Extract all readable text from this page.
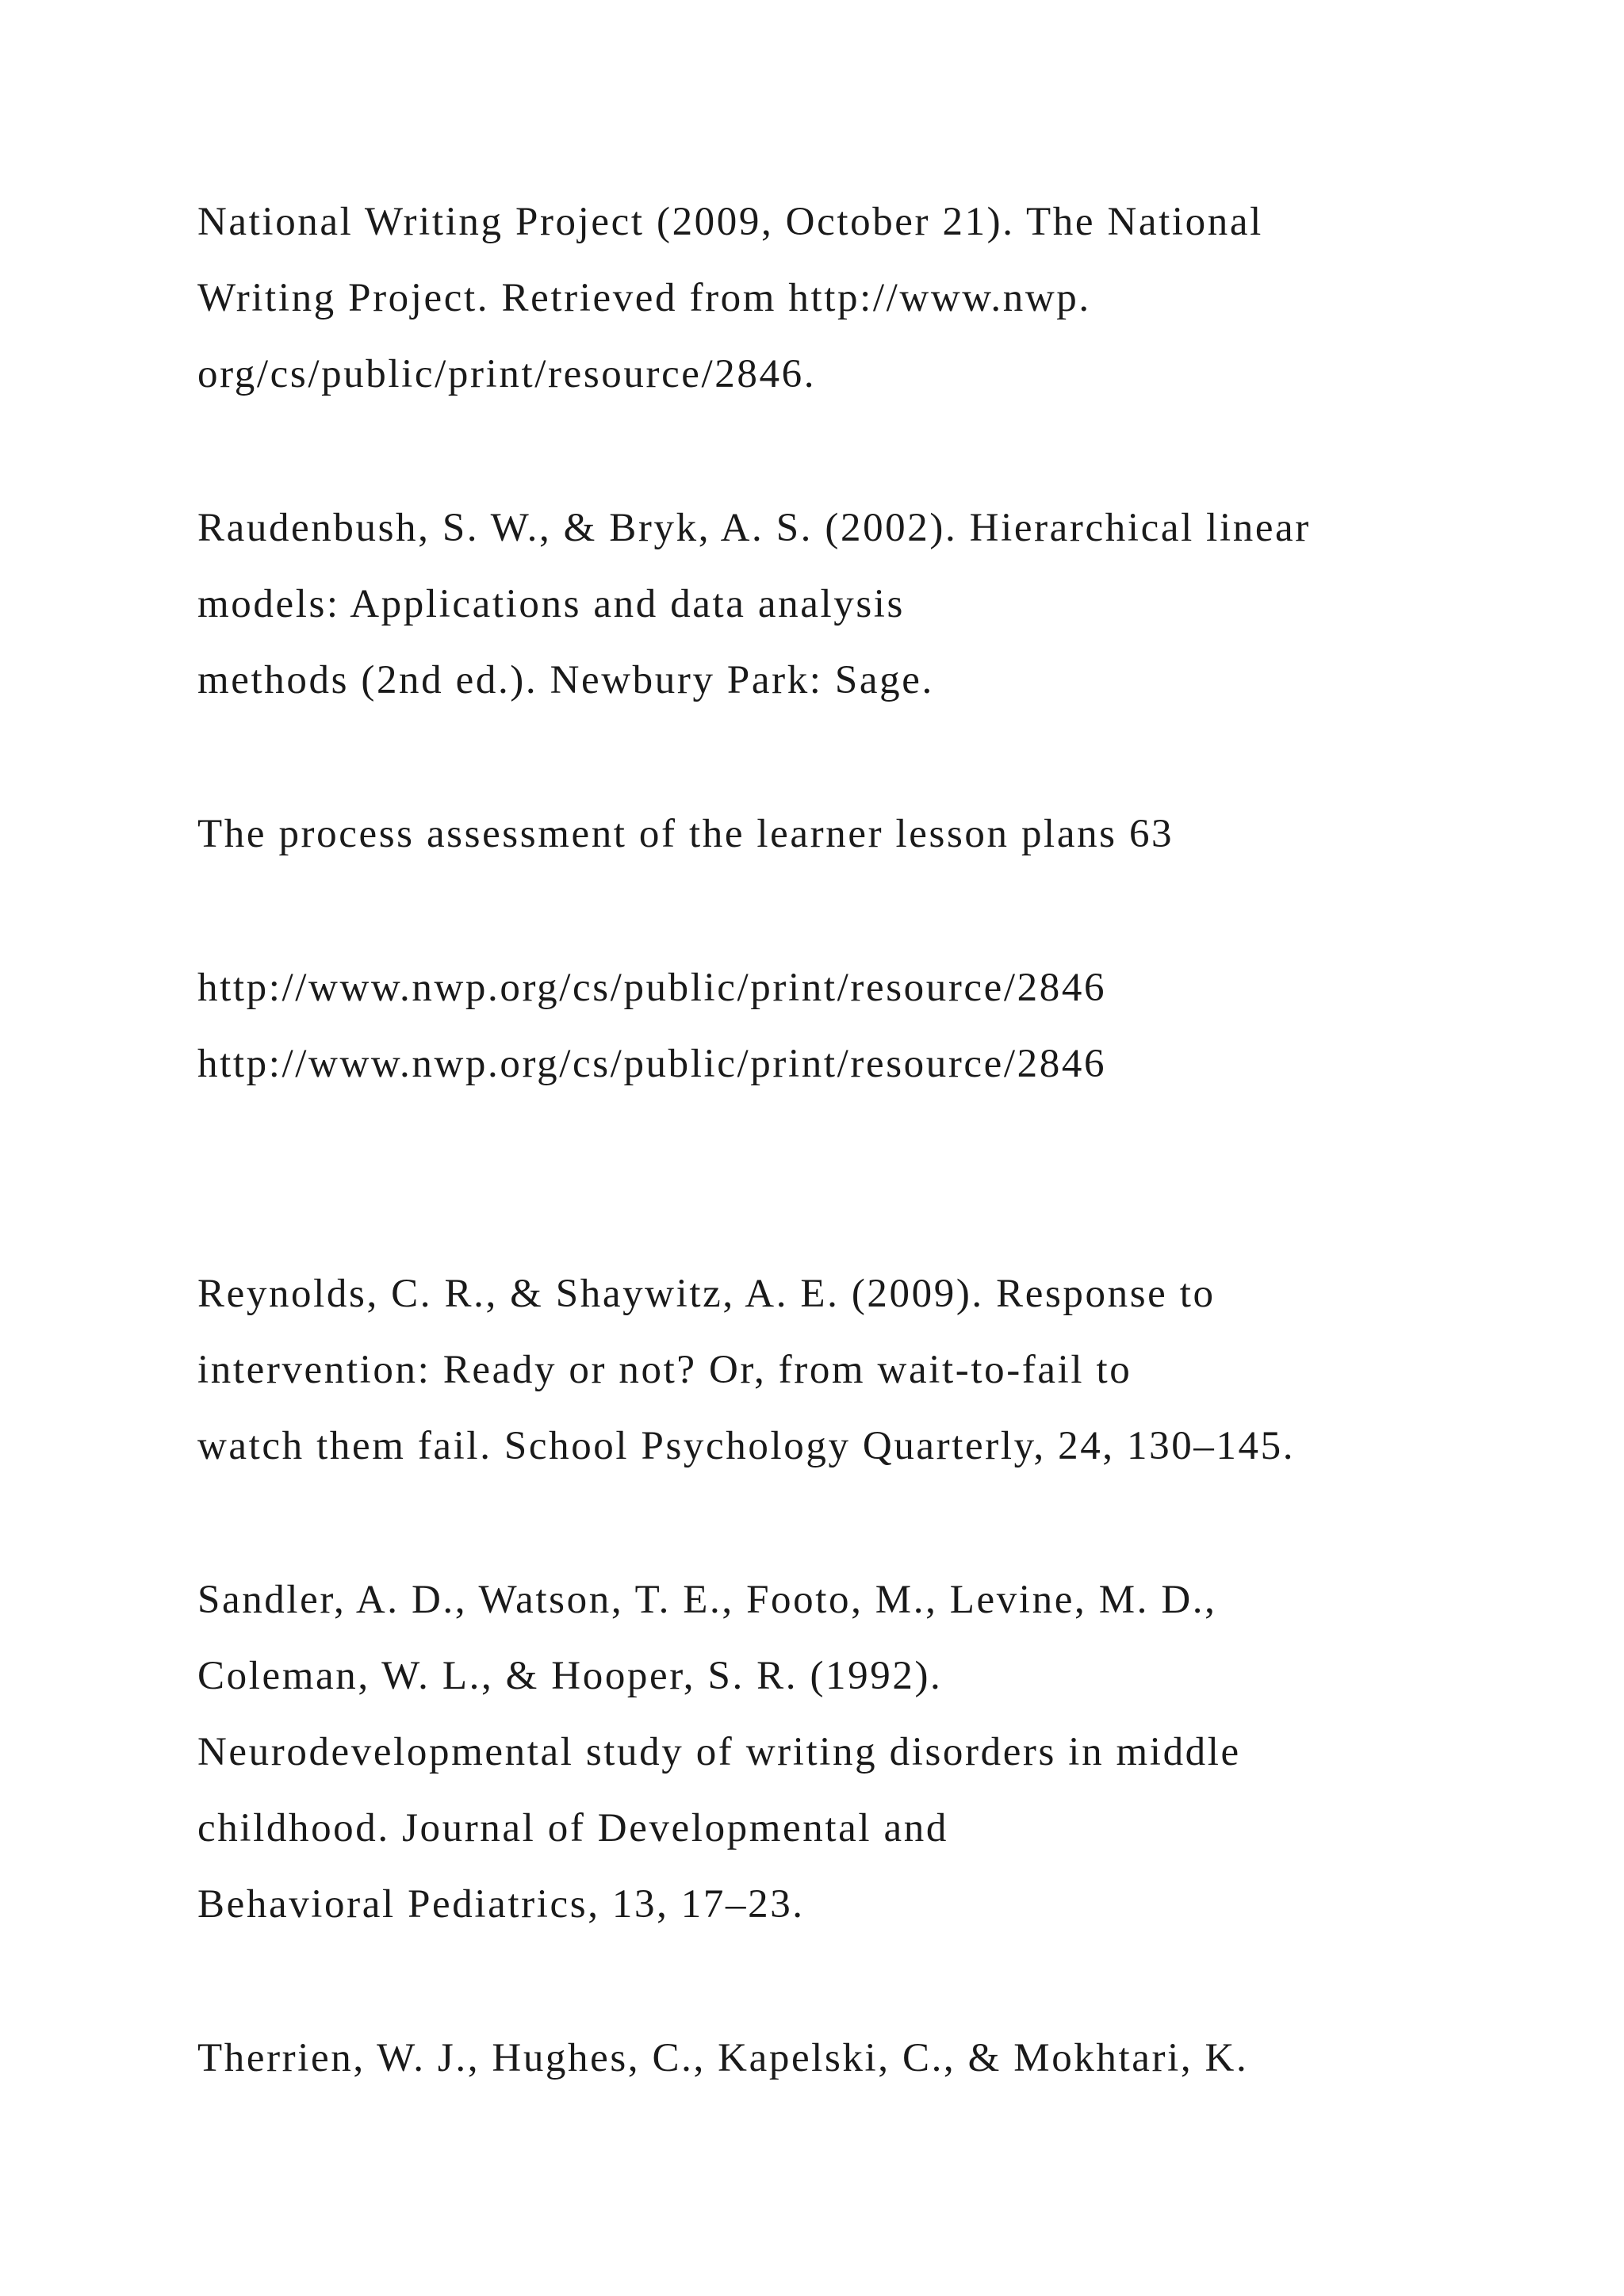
National Writing Project (2009, October 21). The National

Writing Project. Retrieved from http://www.nwp.

org/cs/public/print/resource/2846.

Raudenbush, S. W., & Bryk, A. S. (2002). Hierarchical linear

models: Applications and data analysis

methods (2nd ed.). Newbury Park: Sage.

The process assessment of the learner lesson plans 63

http://www.nwp.org/cs/public/print/resource/2846

http://www.nwp.org/cs/public/print/resource/2846

Reynolds, C. R., & Shaywitz, A. E. (2009). Response to

intervention: Ready or not? Or, from wait-to-fail to

watch them fail. School Psychology Quarterly, 24, 130–145.

Sandler, A. D., Watson, T. E., Footo, M., Levine, M. D.,

Coleman, W. L., & Hooper, S. R. (1992).

Neurodevelopmental study of writing disorders in middle

childhood. Journal of Developmental and

Behavioral Pediatrics, 13, 17–23.

Therrien, W. J., Hughes, C., Kapelski, C., & Mokhtari, K.
